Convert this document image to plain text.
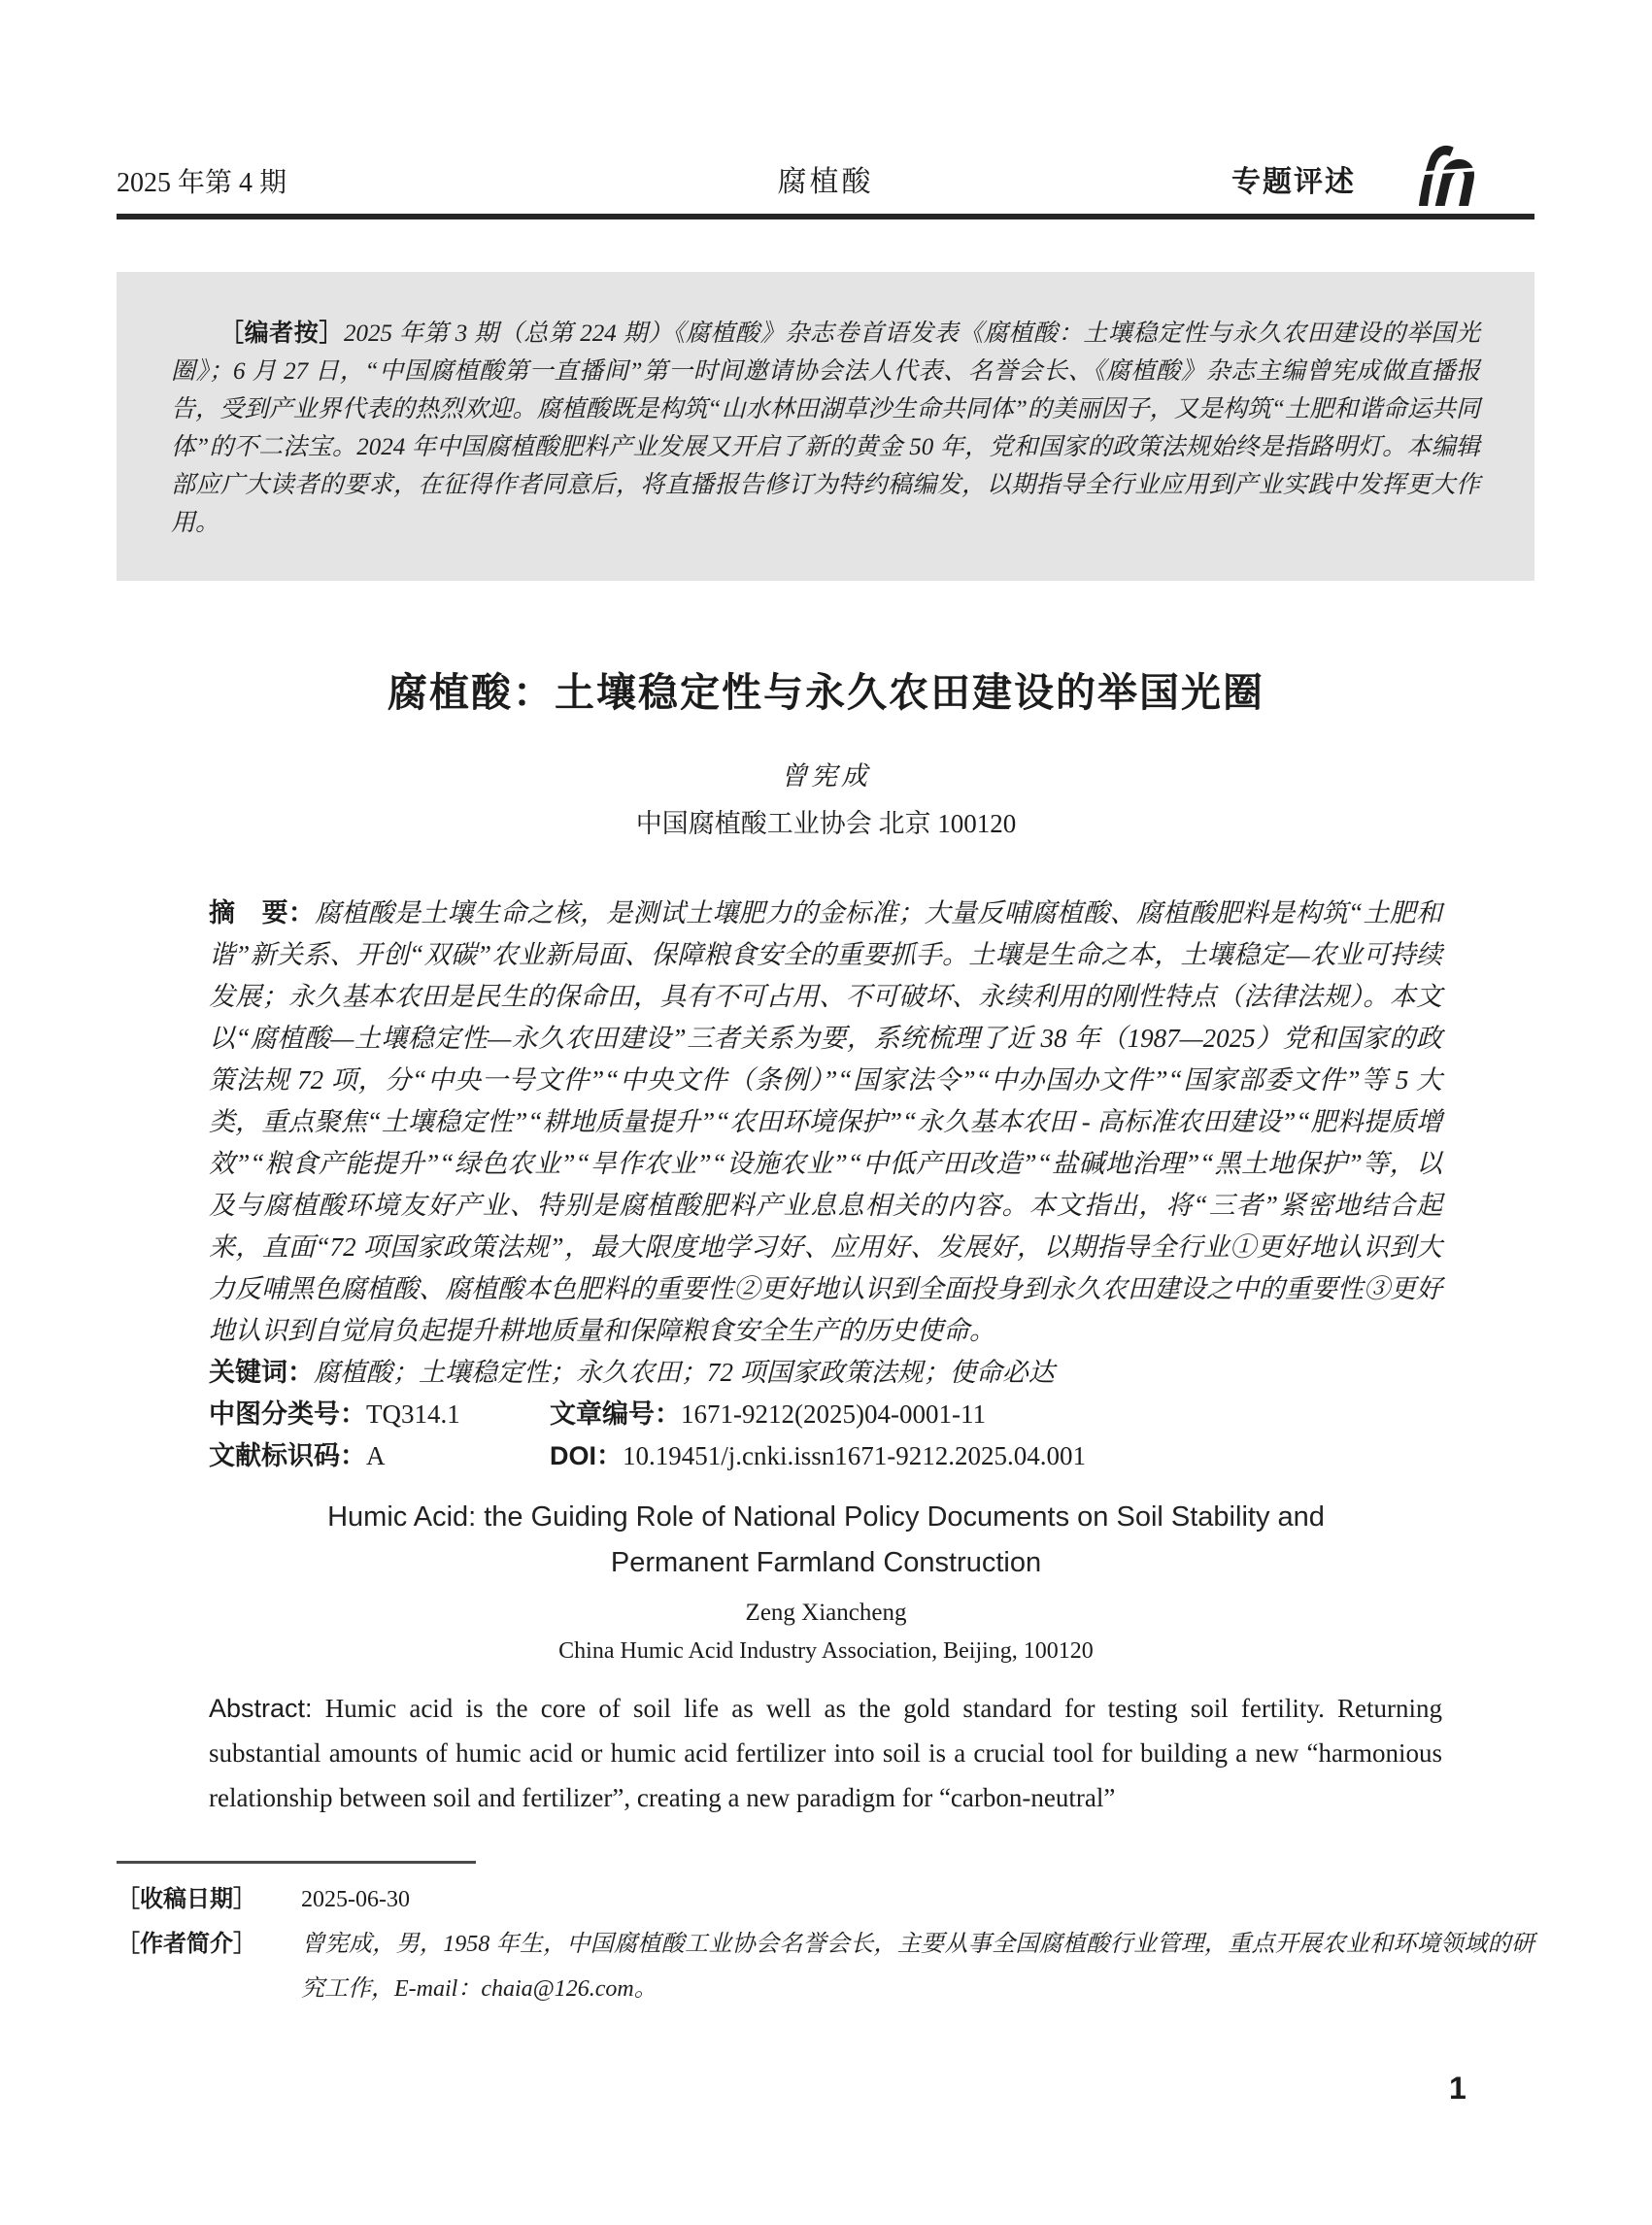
2025 年第 4 期	腐植酸	专题评述

［编者按］2025 年第 3 期（总第 224 期）《腐植酸》杂志卷首语发表《腐植酸：土壤稳定性与永久农田建设的举国光圈》；6 月 27 日，“中国腐植酸第一直播间”第一时间邀请协会法人代表、名誉会长、《腐植酸》杂志主编曾宪成做直播报告，受到产业界代表的热烈欢迎。腐植酸既是构筑“山水林田湖草沙生命共同体”的美丽因子，又是构筑“土肥和谐命运共同体”的不二法宝。2024 年中国腐植酸肥料产业发展又开启了新的黄金 50 年，党和国家的政策法规始终是指路明灯。本编辑部应广大读者的要求，在征得作者同意后，将直播报告修订为特约稿编发，以期指导全行业应用到产业实践中发挥更大作用。

腐植酸：土壤稳定性与永久农田建设的举国光圈

曾宪成

中国腐植酸工业协会 北京 100120

摘　要：腐植酸是土壤生命之核，是测试土壤肥力的金标准；大量反哺腐植酸、腐植酸肥料是构筑“土肥和谐”新关系、开创“双碳”农业新局面、保障粮食安全的重要抓手。土壤是生命之本，土壤稳定—农业可持续发展；永久基本农田是民生的保命田，具有不可占用、不可破坏、永续利用的刚性特点（法律法规）。本文以“腐植酸—土壤稳定性—永久农田建设”三者关系为要，系统梳理了近 38 年（1987—2025）党和国家的政策法规 72 项，分“中央一号文件”“中央文件（条例）”“国家法令”“中办国办文件”“国家部委文件”等 5 大类，重点聚焦“土壤稳定性”“耕地质量提升”“农田环境保护”“永久基本农田 - 高标准农田建设”“肥料提质增效”“粮食产能提升”“绿色农业”“旱作农业”“设施农业”“中低产田改造”“盐碱地治理”“黑土地保护”等，以及与腐植酸环境友好产业、特别是腐植酸肥料产业息息相关的内容。本文指出，将“三者”紧密地结合起来，直面“72 项国家政策法规”，最大限度地学习好、应用好、发展好，以期指导全行业①更好地认识到大力反哺黑色腐植酸、腐植酸本色肥料的重要性②更好地认识到全面投身到永久农田建设之中的重要性③更好地认识到自觉肩负起提升耕地质量和保障粮食安全生产的历史使命。

关键词：腐植酸；土壤稳定性；永久农田；72 项国家政策法规；使命必达

中图分类号：TQ314.1	文章编号：1671-9212(2025)04-0001-11

文献标识码：A	DOI：10.19451/j.cnki.issn1671-9212.2025.04.001

Humic Acid: the Guiding Role of National Policy Documents on Soil Stability and

Permanent Farmland Construction

Zeng Xiancheng

China Humic Acid Industry Association, Beijing, 100120

Abstract: Humic acid is the core of soil life as well as the gold standard for testing soil fertility. Returning substantial amounts of humic acid or humic acid fertilizer into soil is a crucial tool for building a new “harmonious relationship between soil and fertilizer”, creating a new paradigm for “carbon-neutral”

［收稿日期］ 2025-06-30

［作者简介］ 曾宪成，男，1958 年生，中国腐植酸工业协会名誉会长，主要从事全国腐植酸行业管理，重点开展农业和环境领域的研究工作，E-mail：chaia@126.com。

1
